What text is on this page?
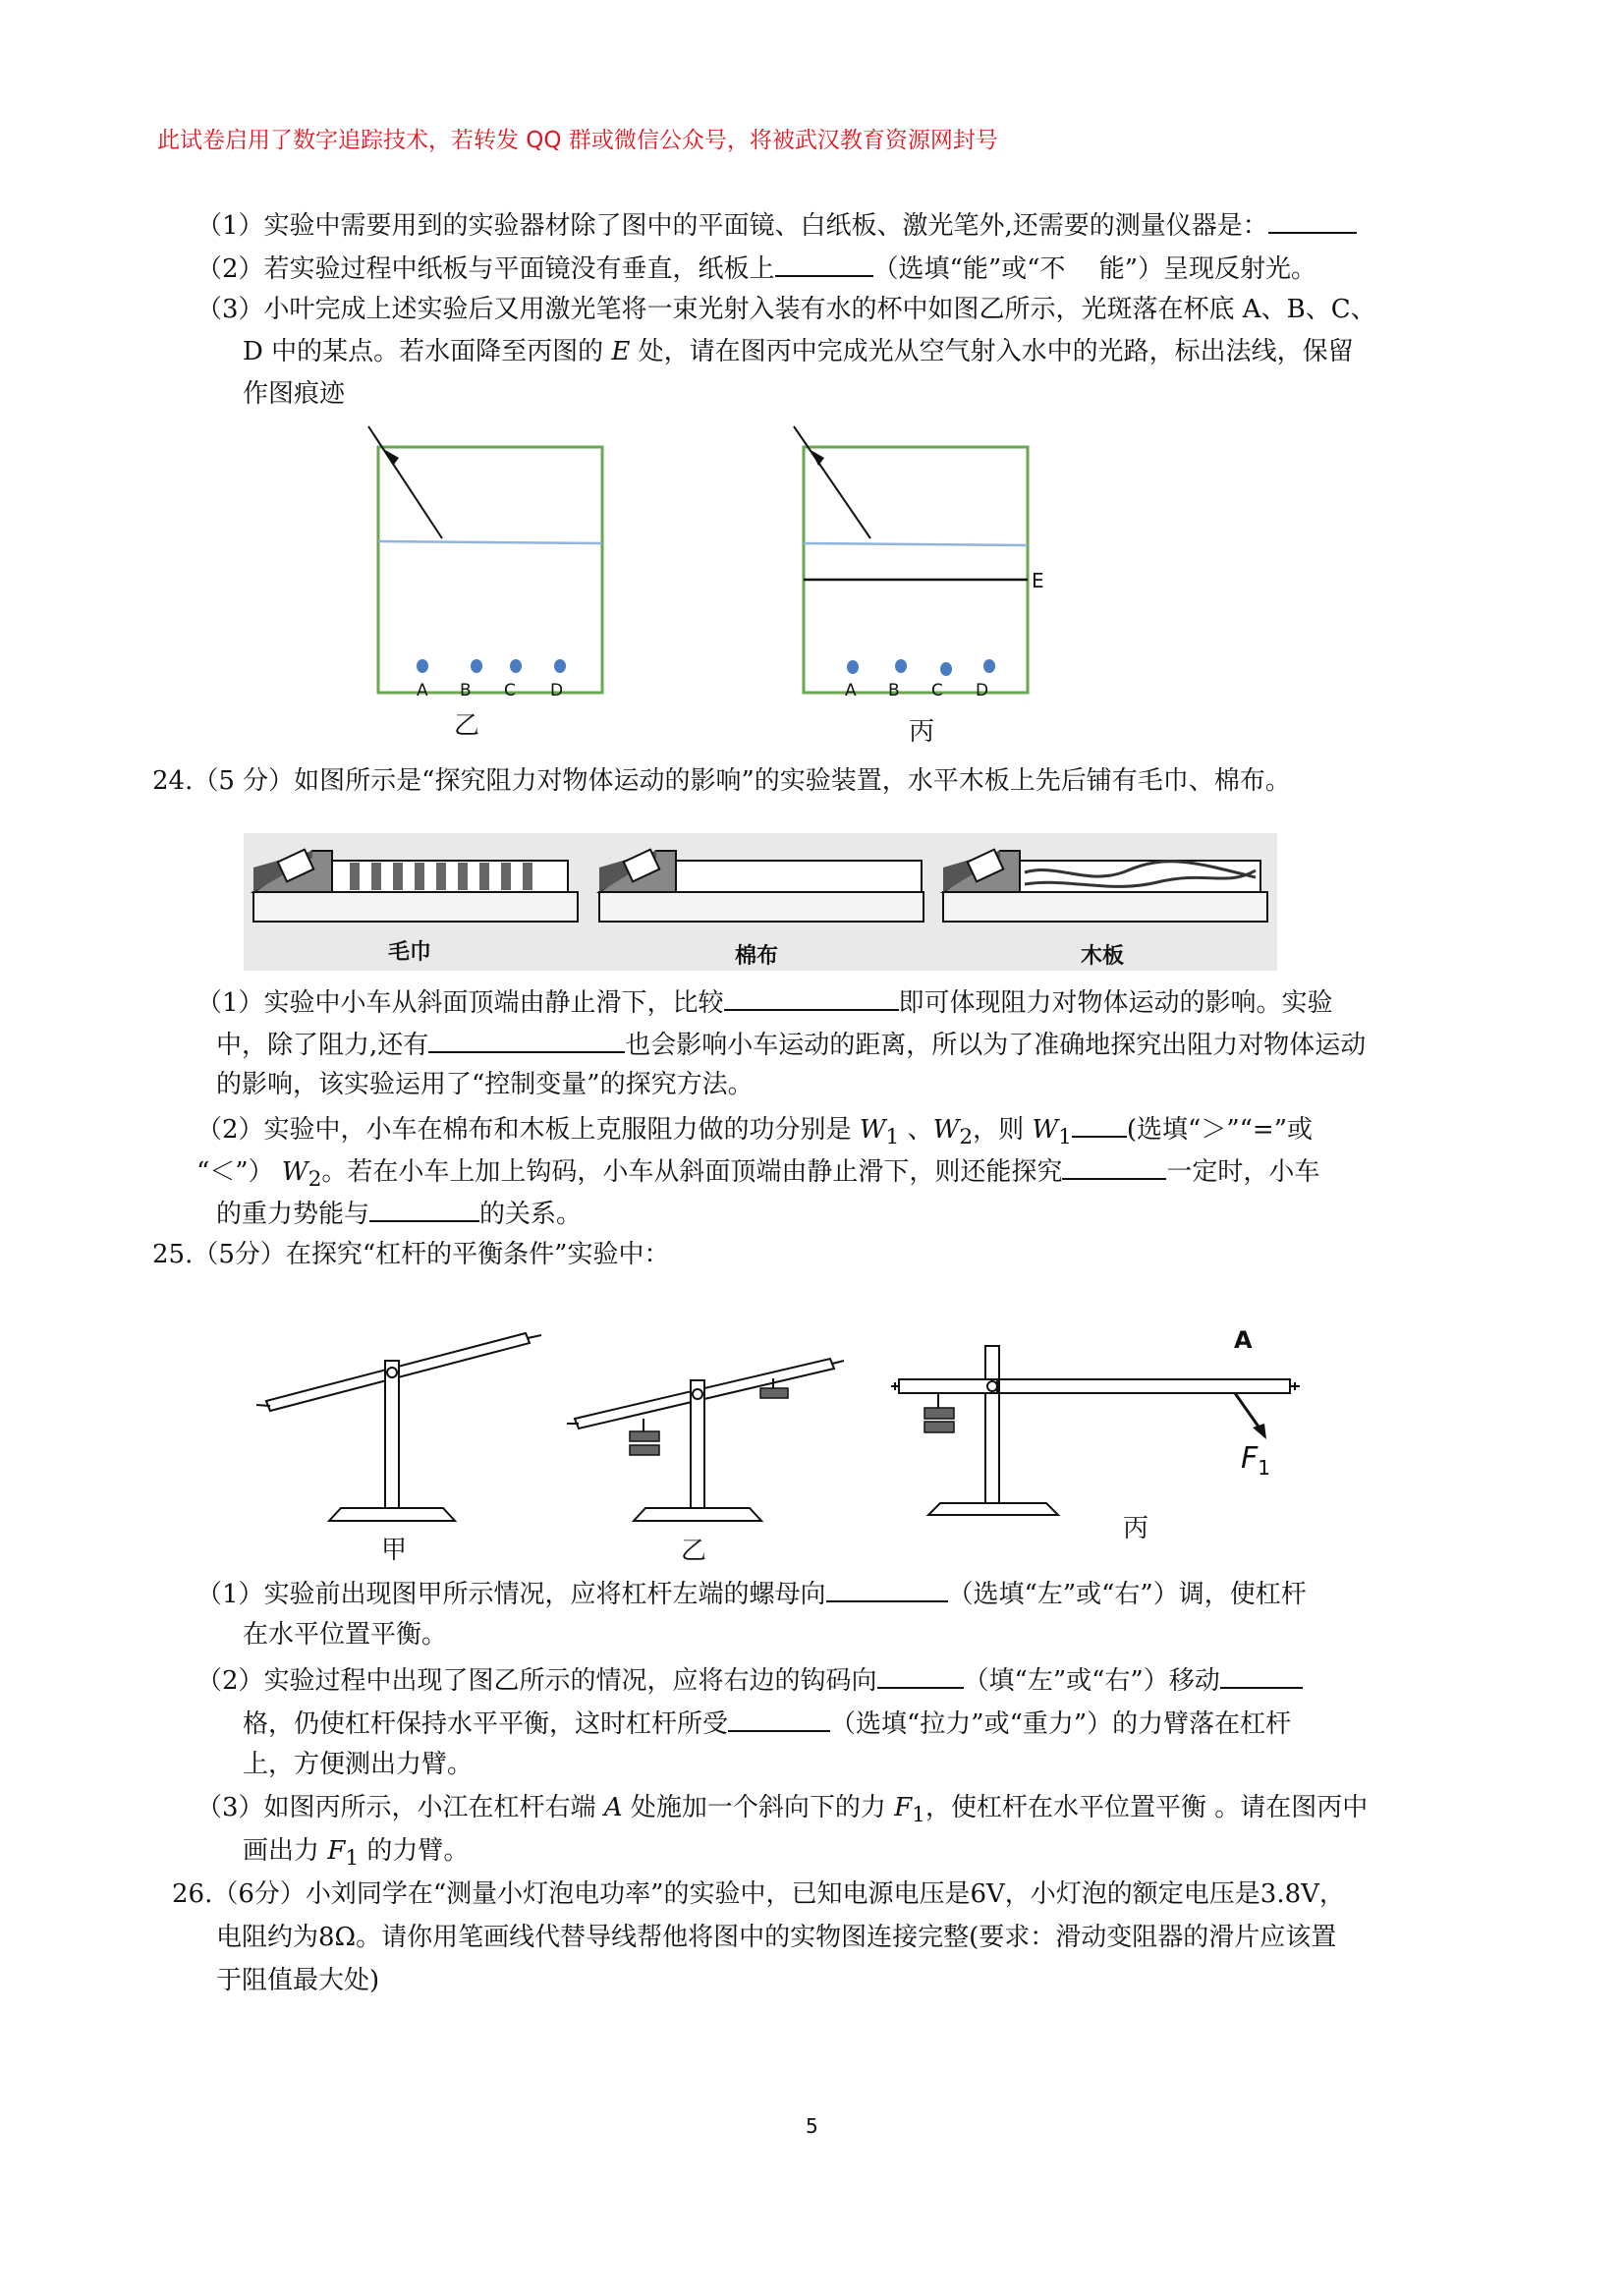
此试卷启用了数字追踪技术，若转发 QQ 群或微信公众号，将被武汉教育资源网封号
（1）实验中需要用到的实验器材除了图中的平面镜、白纸板、激光笔外,还需要的测量仪器是：
（2）若实验过程中纸板与平面镜没有垂直，纸板上	（选填“能”或“不　 能”）呈现反射光。
（3）小叶完成上述实验后又用激光笔将一束光射入装有水的杯中如图乙所示，光斑落在杯底 A、B、C、
D 中的某点。若水面降至丙图的 E 处，请在图丙中完成光从空气射入水中的光路，标出法线，保留
作图痕迹
A B C D
乙
E
A B C D
丙
24.（5 分）如图所示是“探究阻力对物体运动的影响”的实验装置，水平木板上先后铺有毛巾、棉布。
毛巾	棉布	木板
（1）实验中小车从斜面顶端由静止滑下，比较	即可体现阻力对物体运动的影响。实验
中，除了阻力,还有	也会影响小车运动的距离，所以为了准确地探究出阻力对物体运动
的影响，该实验运用了“控制变量”的探究方法。
（2）实验中，小车在棉布和木板上克服阻力做的功分别是 $W_1$ 、$W_2$，则 $W_1$ (选填“＞”“=”或
“＜”） $W_2$。若在小车上加上钩码，小车从斜面顶端由静止滑下，则还能探究	一定时，小车
的重力势能与	的关系。
25.（5分）在探究“杠杆的平衡条件”实验中：
A
$F_1$
甲	乙
丙
（1）实验前出现图甲所示情况，应将杠杆左端的螺母向	（选填“左”或“右”）调，使杠杆
在水平位置平衡。
（2）实验过程中出现了图乙所示的情况，应将右边的钩码向	（填“左”或“右”）移动
格，仍使杠杆保持水平平衡，这时杠杆所受	（选填“拉力”或“重力”）的力臂落在杠杆
上，方便测出力臂。
（3）如图丙所示，小江在杠杆右端 A 处施加一个斜向下的力 $F_1$，使杠杆在水平位置平衡 。请在图丙中
画出力 $F_1$ 的力臂。
26.（6分）小刘同学在“测量小灯泡电功率”的实验中，已知电源电压是6V，小灯泡的额定电压是3.8V，
电阻约为8Ω。请你用笔画线代替导线帮他将图中的实物图连接完整(要求：滑动变阻器的滑片应该置
于阻值最大处)
5
